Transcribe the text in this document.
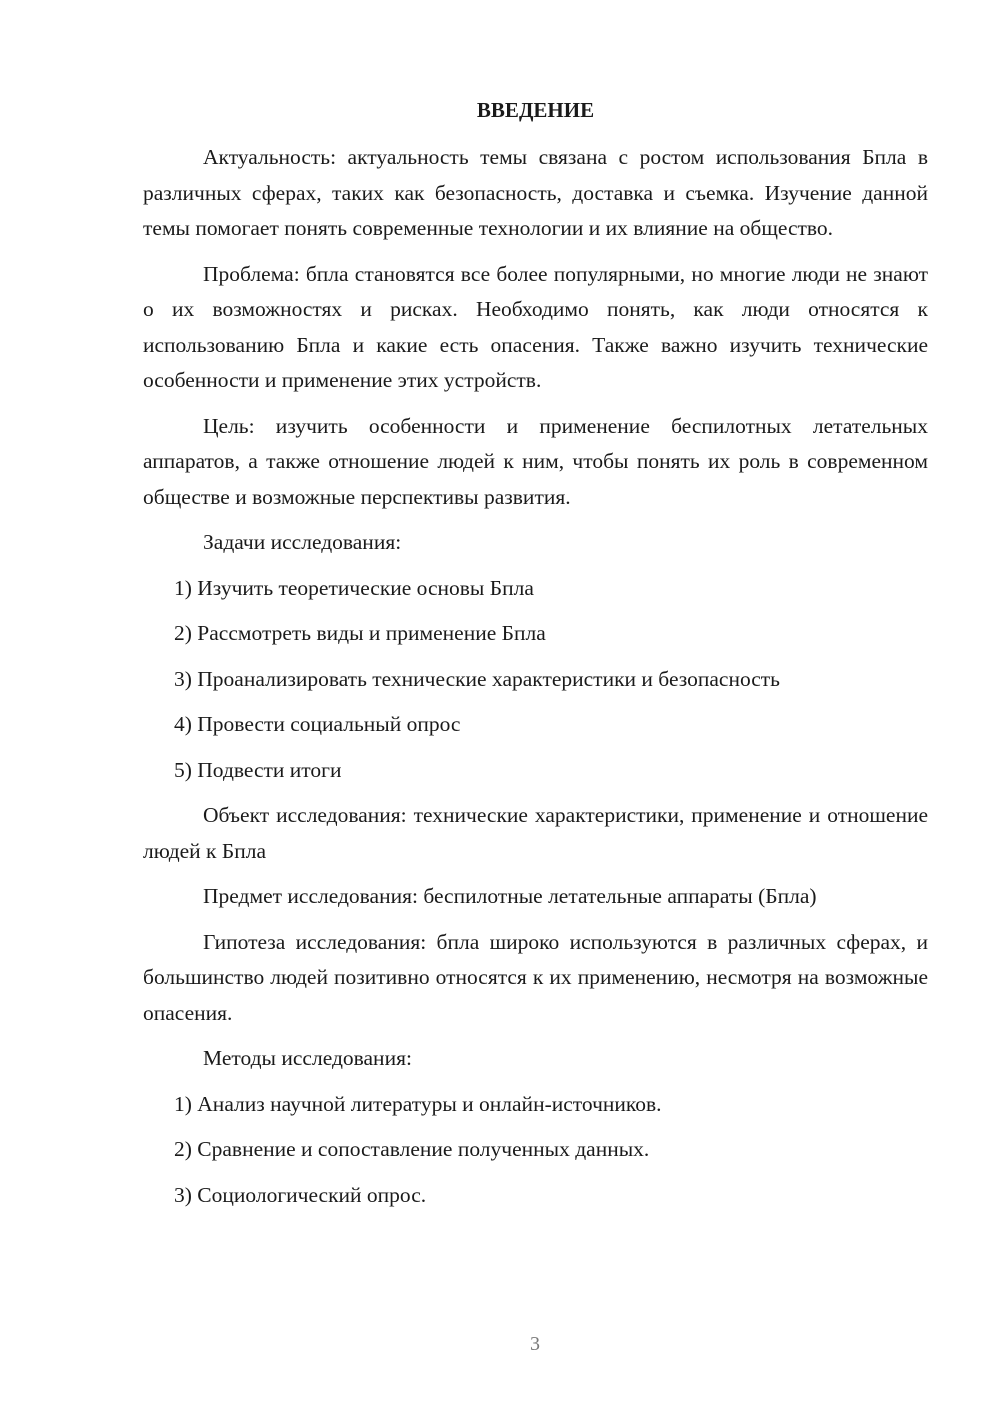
ВВЕДЕНИЕ

Актуальность: актуальность темы связана с ростом использования Бпла в различных сферах, таких как безопасность, доставка и съемка. Изучение данной темы помогает понять современные технологии и их влияние на общество.

Проблема: бпла становятся все более популярными, но многие люди не знают о их возможностях и рисках. Необходимо понять, как люди относятся к использованию Бпла и какие есть опасения. Также важно изучить технические особенности и применение этих устройств.

Цель: изучить особенности и применение беспилотных летательных аппаратов, а также отношение людей к ним, чтобы понять их роль в современном обществе и возможные перспективы развития.

Задачи исследования:

1) Изучить теоретические основы Бпла

2) Рассмотреть виды и применение Бпла

3) Проанализировать технические характеристики и безопасность

4) Провести социальный опрос

5) Подвести итоги

Объект исследования: технические характеристики, применение и отношение людей к Бпла

Предмет исследования: беспилотные летательные аппараты (Бпла)

Гипотеза исследования: бпла широко используются в различных сферах, и большинство людей позитивно относятся к их применению, несмотря на возможные опасения.

Методы исследования:

1) Анализ научной литературы и онлайн-источников.

2) Сравнение и сопоставление полученных данных.

3) Социологический опрос.

3
